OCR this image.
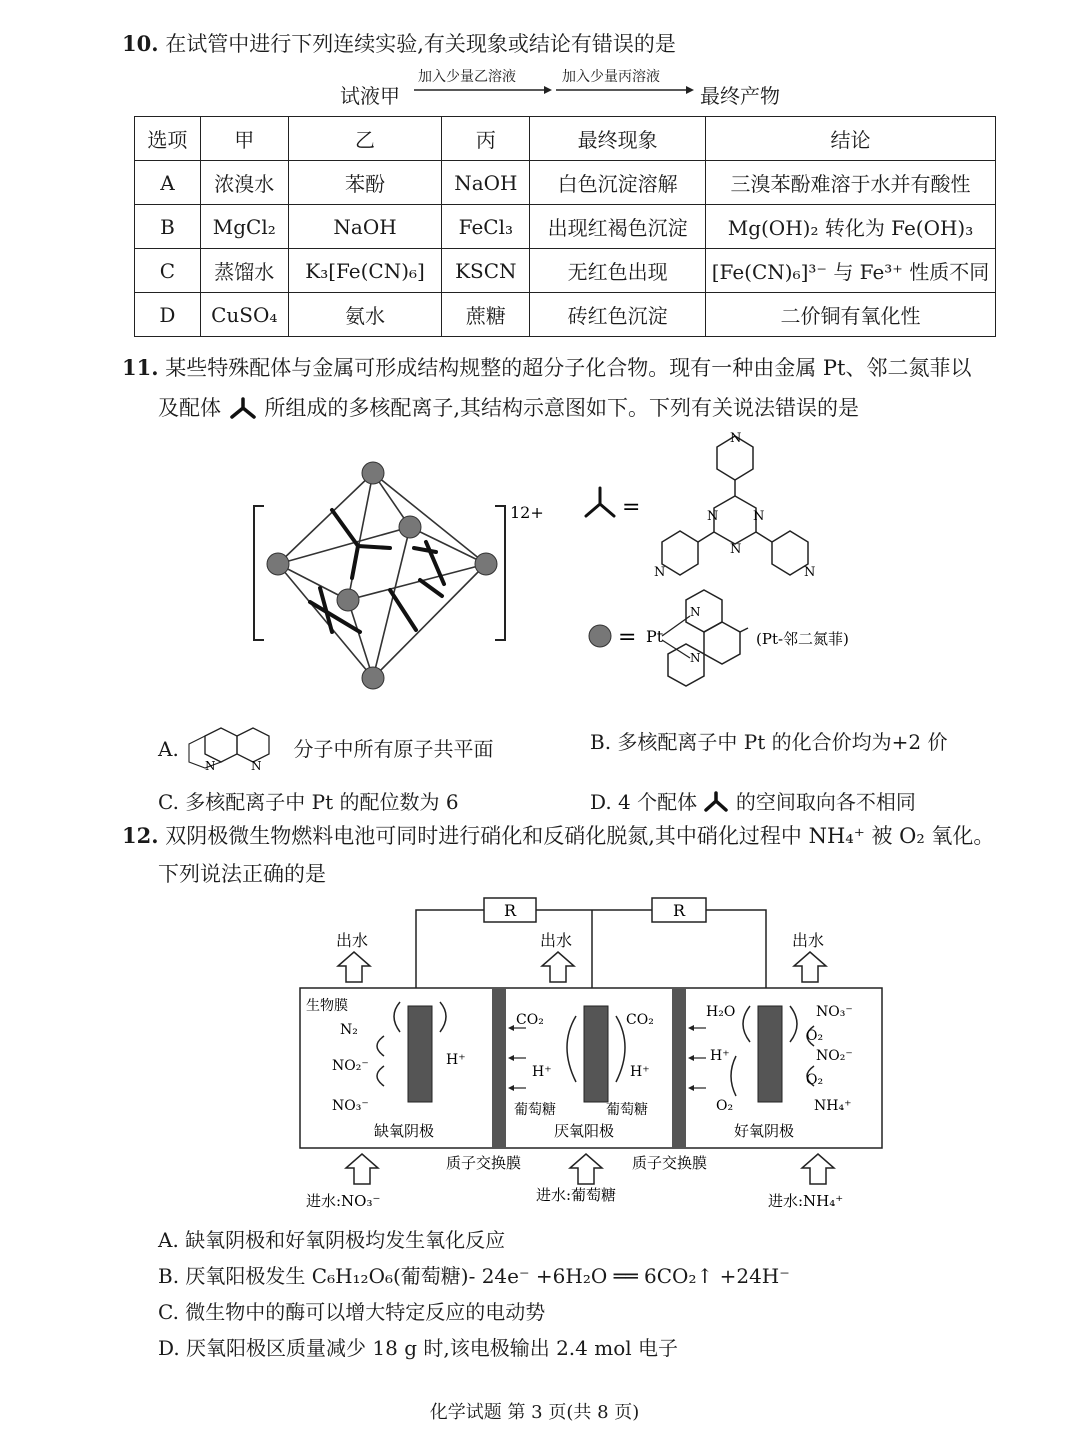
10. 在试管中进行下列连续实验,有关现象或结论有错误的是
试液甲
加入少量乙溶液	加入少量丙溶液
最终产物
选项	甲	乙	丙	最终现象	结论
A	浓溴水	苯酚	NaOH	白色沉淀溶解	三溴苯酚难溶于水并有酸性
B	MgCl₂	NaOH	FeCl₃	出现红褐色沉淀	Mg(OH)₂ 转化为 Fe(OH)₃
C	蒸馏水	K₃[Fe(CN)₆]	KSCN	无红色出现	[Fe(CN)₆]³⁻ 与 Fe³⁺ 性质不同
D	CuSO₄	氨水	蔗糖	砖红色沉淀	二价铜有氧化性
11. 某些特殊配体与金属可形成结构规整的超分子化合物。现有一种由金属 Pt、邻二氮菲以
及配体 所组成的多核配离子,其结构示意图如下。下列有关说法错误的是
12+	=	N	N
N
N
N	N
= Pt
N
N
(Pt-邻二氮菲)
A.
N	N
分子中所有原子共平面	B. 多核配离子中 Pt 的化合价均为+2 价
C. 多核配离子中 Pt 的配位数为 6	D. 4 个配体 的空间取向各不相同
12. 双阴极微生物燃料电池可同时进行硝化和反硝化脱氮,其中硝化过程中 NH₄⁺ 被 O₂ 氧化。
下列说法正确的是
R	R
出水	出水	出水
生物膜
N₂
NO₂⁻
NO₃⁻
H⁺
缺氧阴极
CO₂	CO₂
H⁺	H⁺
葡萄糖	葡萄糖
厌氧阳极
H₂O
H⁺
O₂
NO₃⁻
O₂
NO₂⁻
O₂
NH₄⁺
好氧阴极
质子交换膜	质子交换膜
进水:NO₃⁻	进水:葡萄糖	进水:NH₄⁺
A. 缺氧阴极和好氧阴极均发生氧化反应
B. 厌氧阳极发生 C₆H₁₂O₆(葡萄糖)- 24e⁻ +6H₂O ══ 6CO₂↑ +24H⁻
C. 微生物中的酶可以增大特定反应的电动势
D. 厌氧阳极区质量减少 18 g 时,该电极输出 2.4 mol 电子
化学试题 第 3 页(共 8 页)
